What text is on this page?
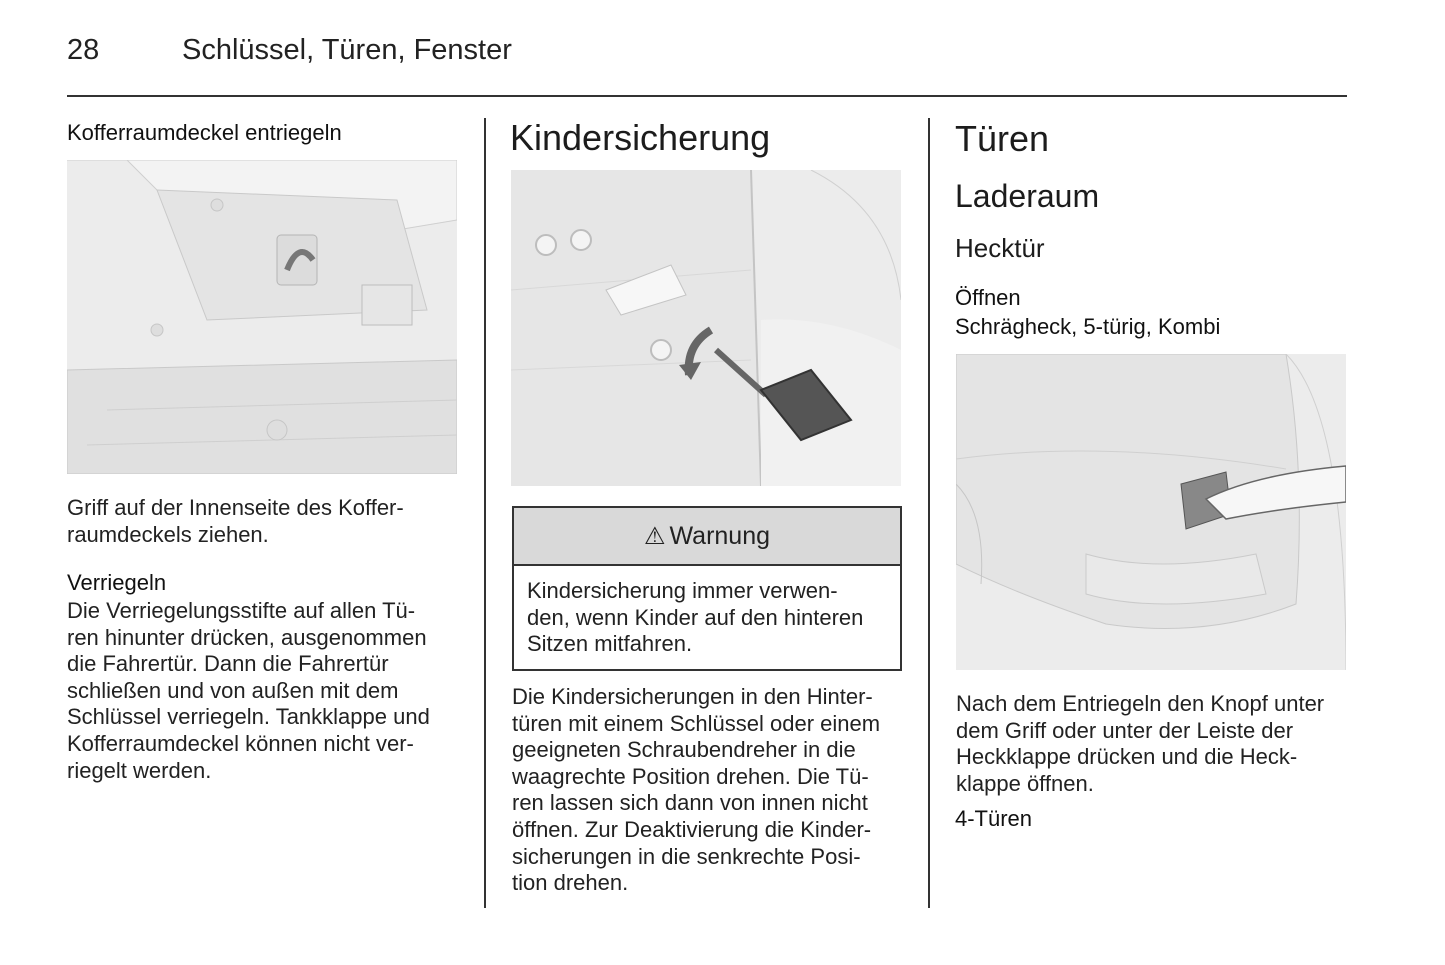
28	Schlüssel, Türen, Fenster
Kofferraumdeckel entriegeln
Griff auf der Innenseite des Koffer-
raumdeckels ziehen.
Verriegeln
Die Verriegelungsstifte auf allen Tü-
ren hinunter drücken, ausgenommen
die Fahrertür. Dann die Fahrertür
schließen und von außen mit dem
Schlüssel verriegeln. Tankklappe und
Kofferraumdeckel können nicht ver-
riegelt werden.
Kindersicherung
⚠ Warnung
Kindersicherung immer verwen-
den, wenn Kinder auf den hinteren
Sitzen mitfahren.
Die Kindersicherungen in den Hinter-
türen mit einem Schlüssel oder einem
geeigneten Schraubendreher in die
waagrechte Position drehen. Die Tü-
ren lassen sich dann von innen nicht
öffnen. Zur Deaktivierung die Kinder-
sicherungen in die senkrechte Posi-
tion drehen.
Türen
Laderaum
Hecktür
Öffnen
Schrägheck, 5-türig, Kombi
Nach dem Entriegeln den Knopf unter
dem Griff oder unter der Leiste der
Heckklappe drücken und die Heck-
klappe öffnen.
4-Türen
